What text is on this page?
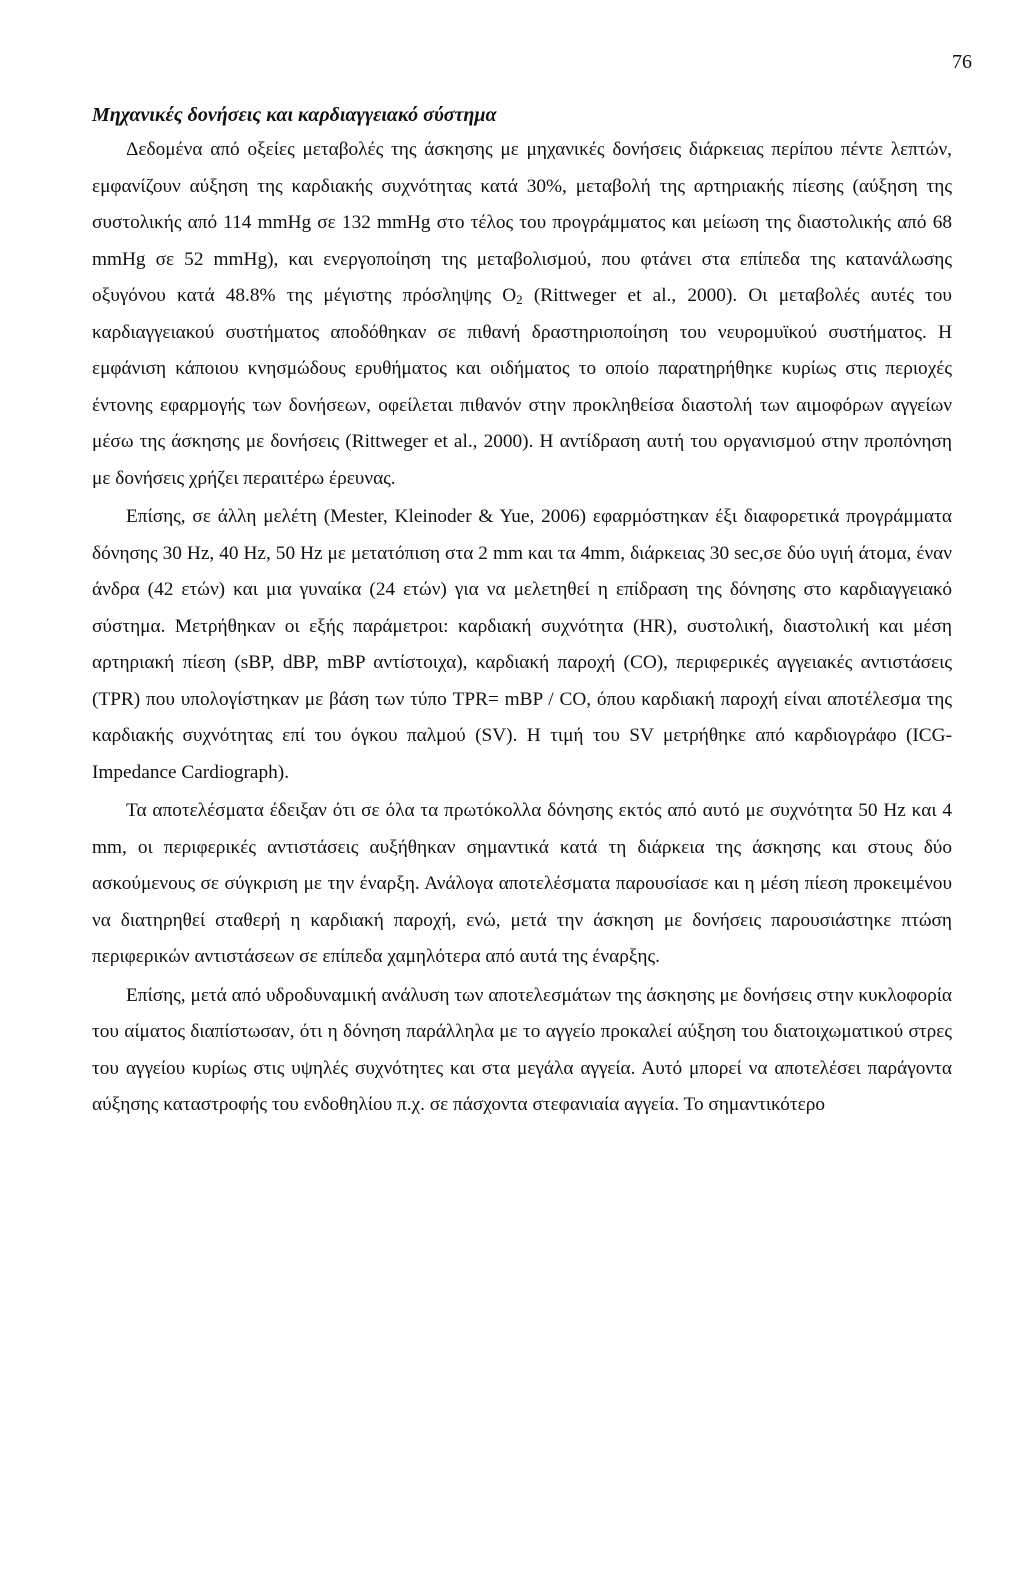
76
Μηχανικές δονήσεις και καρδιαγγειακό σύστημα

Δεδομένα από οξείες μεταβολές της άσκησης με μηχανικές δονήσεις διάρκειας περίπου πέντε λεπτών, εμφανίζουν αύξηση της καρδιακής συχνότητας κατά 30%, μεταβολή της αρτηριακής πίεσης (αύξηση της συστολικής από 114 mmHg σε 132 mmHg στο τέλος του προγράμματος και μείωση της διαστολικής από 68 mmHg σε 52 mmHg), και ενεργοποίηση της μεταβολισμού, που φτάνει στα επίπεδα της κατανάλωσης οξυγόνου κατά 48.8% της μέγιστης πρόσληψης $O_2$ (Rittweger et al., 2000). Οι μεταβολές αυτές του καρδιαγγειακού συστήματος αποδόθηκαν σε πιθανή δραστηριοποίηση του νευρομυϊκού συστήματος. Η εμφάνιση κάποιου κνησμώδους ερυθήματος και οιδήματος το οποίο παρατηρήθηκε κυρίως στις περιοχές έντονης εφαρμογής των δονήσεων, οφείλεται πιθανόν στην προκληθείσα διαστολή των αιμοφόρων αγγείων μέσω της άσκησης με δονήσεις (Rittweger et al., 2000). Η αντίδραση αυτή του οργανισμού στην προπόνηση με δονήσεις χρήζει περαιτέρω έρευνας.

Επίσης, σε άλλη μελέτη (Mester, Kleinoder & Yue, 2006) εφαρμόστηκαν έξι διαφορετικά προγράμματα δόνησης 30 Hz, 40 Hz, 50 Hz με μετατόπιση στα 2 mm και τα 4mm, διάρκειας 30 sec,σε δύο υγιή άτομα, έναν άνδρα (42 ετών) και μια γυναίκα (24 ετών) για να μελετηθεί η επίδραση της δόνησης στο καρδιαγγειακό σύστημα. Μετρήθηκαν οι εξής παράμετροι: καρδιακή συχνότητα (HR), συστολική, διαστολική και μέση αρτηριακή πίεση (sBP, dBP, mBP αντίστοιχα), καρδιακή παροχή (CO), περιφερικές αγγειακές αντιστάσεις (TPR) που υπολογίστηκαν με βάση των τύπο TPR= mBP / CO, όπου καρδιακή παροχή είναι αποτέλεσμα της καρδιακής συχνότητας επί του όγκου παλμού (SV). Η τιμή του SV μετρήθηκε από καρδιογράφο (ICG-Impedance Cardiograph).

Τα αποτελέσματα έδειξαν ότι σε όλα τα πρωτόκολλα δόνησης εκτός από αυτό με συχνότητα 50 Hz και 4 mm, οι περιφερικές αντιστάσεις αυξήθηκαν σημαντικά κατά τη διάρκεια της άσκησης και στους δύο ασκούμενους σε σύγκριση με την έναρξη. Ανάλογα αποτελέσματα παρουσίασε και η μέση πίεση προκειμένου να διατηρηθεί σταθερή η καρδιακή παροχή, ενώ, μετά την άσκηση με δονήσεις παρουσιάστηκε πτώση περιφερικών αντιστάσεων σε επίπεδα χαμηλότερα από αυτά της έναρξης.

Επίσης, μετά από υδροδυναμική ανάλυση των αποτελεσμάτων της άσκησης με δονήσεις στην κυκλοφορία του αίματος διαπίστωσαν, ότι η δόνηση παράλληλα με το αγγείο προκαλεί αύξηση του διατοιχωματικού στρες του αγγείου κυρίως στις υψηλές συχνότητες και στα μεγάλα αγγεία. Αυτό μπορεί να αποτελέσει παράγοντα αύξησης καταστροφής του ενδοθηλίου π.χ. σε πάσχοντα στεφανιαία αγγεία. Το σημαντικότερο
